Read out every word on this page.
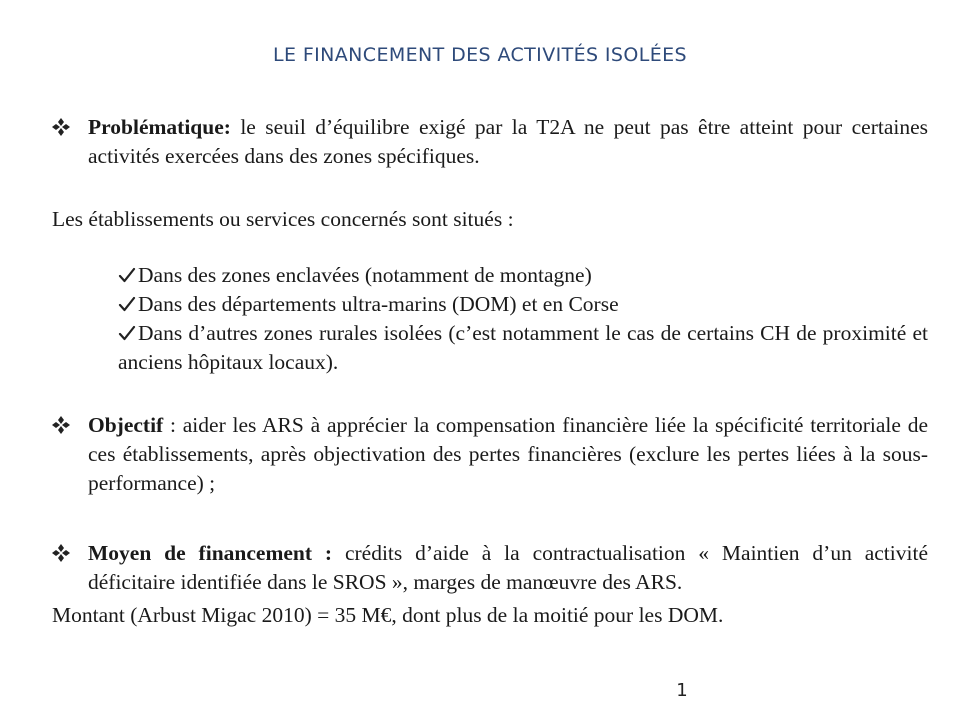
LE FINANCEMENT DES ACTIVITÉS ISOLÉES
Problématique: le seuil d’équilibre exigé par la T2A ne peut pas être atteint pour certaines activités exercées dans des zones spécifiques.
Les établissements ou services concernés sont situés :
Dans des zones enclavées (notamment de montagne)
Dans des départements ultra-marins (DOM) et en Corse
Dans d’autres zones rurales isolées (c’est notamment le cas de certains CH de proximité et anciens hôpitaux locaux).
Objectif : aider les ARS à apprécier la compensation financière liée la spécificité territoriale de ces établissements, après objectivation des pertes financières (exclure les pertes liées à la sous-performance) ;
Moyen de financement : crédits d’aide à la contractualisation « Maintien d’un activité déficitaire identifiée dans le SROS », marges de manœuvre des ARS.
Montant (Arbust Migac 2010) = 35 M€, dont plus de la moitié pour les DOM.
1
